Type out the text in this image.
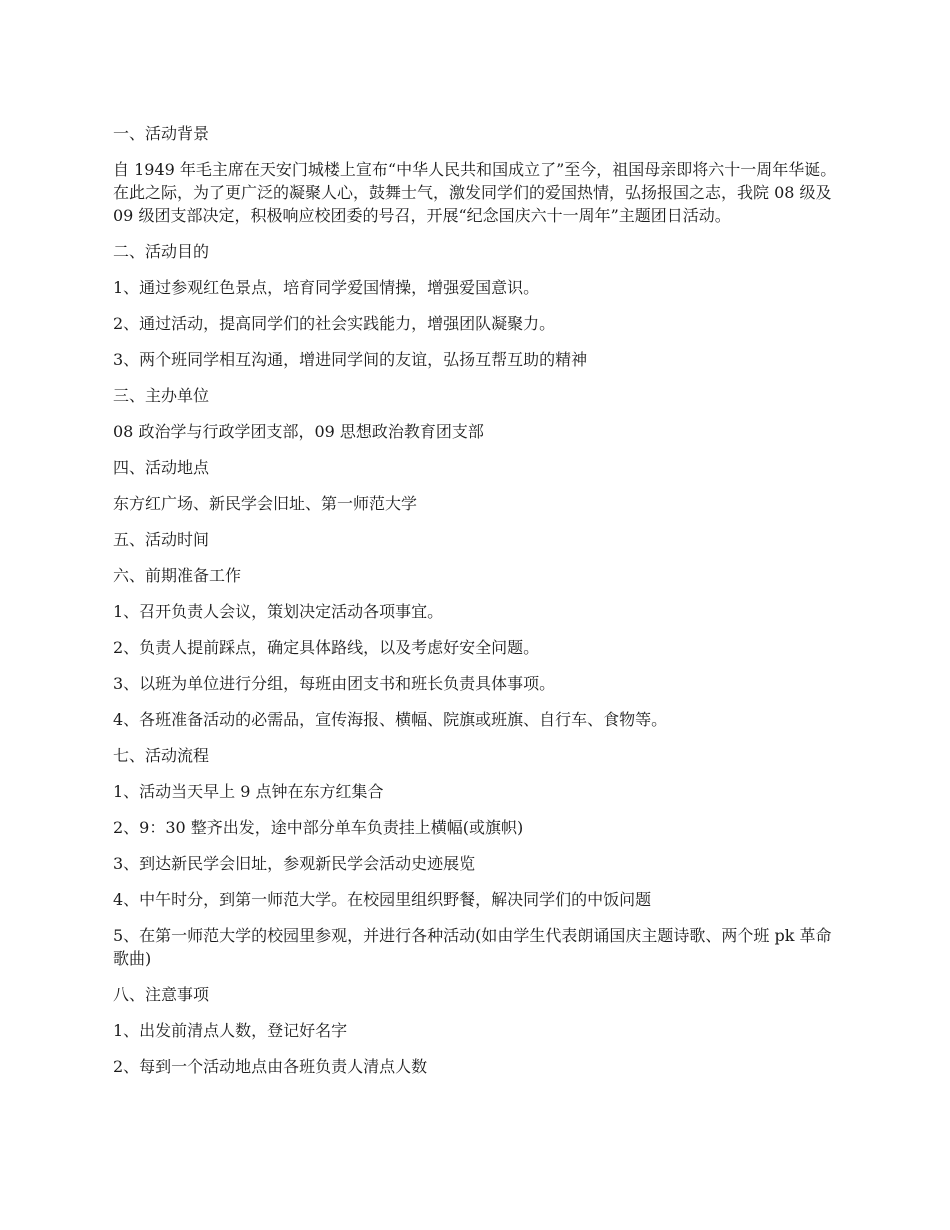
一、活动背景

自 1949 年毛主席在天安门城楼上宣布“中华人民共和国成立了”至今，祖国母亲即将六十一周年华诞。在此之际，为了更广泛的凝聚人心，鼓舞士气，激发同学们的爱国热情，弘扬报国之志，我院 08 级及 09 级团支部决定，积极响应校团委的号召，开展“纪念国庆六十一周年”主题团日活动。

二、活动目的

1、通过参观红色景点，培育同学爱国情操，增强爱国意识。

2、通过活动，提高同学们的社会实践能力，增强团队凝聚力。

3、两个班同学相互沟通，增进同学间的友谊，弘扬互帮互助的精神

三、主办单位

08 政治学与行政学团支部，09 思想政治教育团支部

四、活动地点

东方红广场、新民学会旧址、第一师范大学

五、活动时间

六、前期准备工作

1、召开负责人会议，策划决定活动各项事宜。

2、负责人提前踩点，确定具体路线，以及考虑好安全问题。

3、以班为单位进行分组，每班由团支书和班长负责具体事项。

4、各班准备活动的必需品，宣传海报、横幅、院旗或班旗、自行车、食物等。

七、活动流程

1、活动当天早上 9 点钟在东方红集合

2、9：30 整齐出发，途中部分单车负责挂上横幅(或旗帜)

3、到达新民学会旧址，参观新民学会活动史迹展览

4、中午时分，到第一师范大学。在校园里组织野餐，解决同学们的中饭问题

5、在第一师范大学的校园里参观，并进行各种活动(如由学生代表朗诵国庆主题诗歌、两个班 pk 革命歌曲)

八、注意事项

1、出发前清点人数，登记好名字

2、每到一个活动地点由各班负责人清点人数
